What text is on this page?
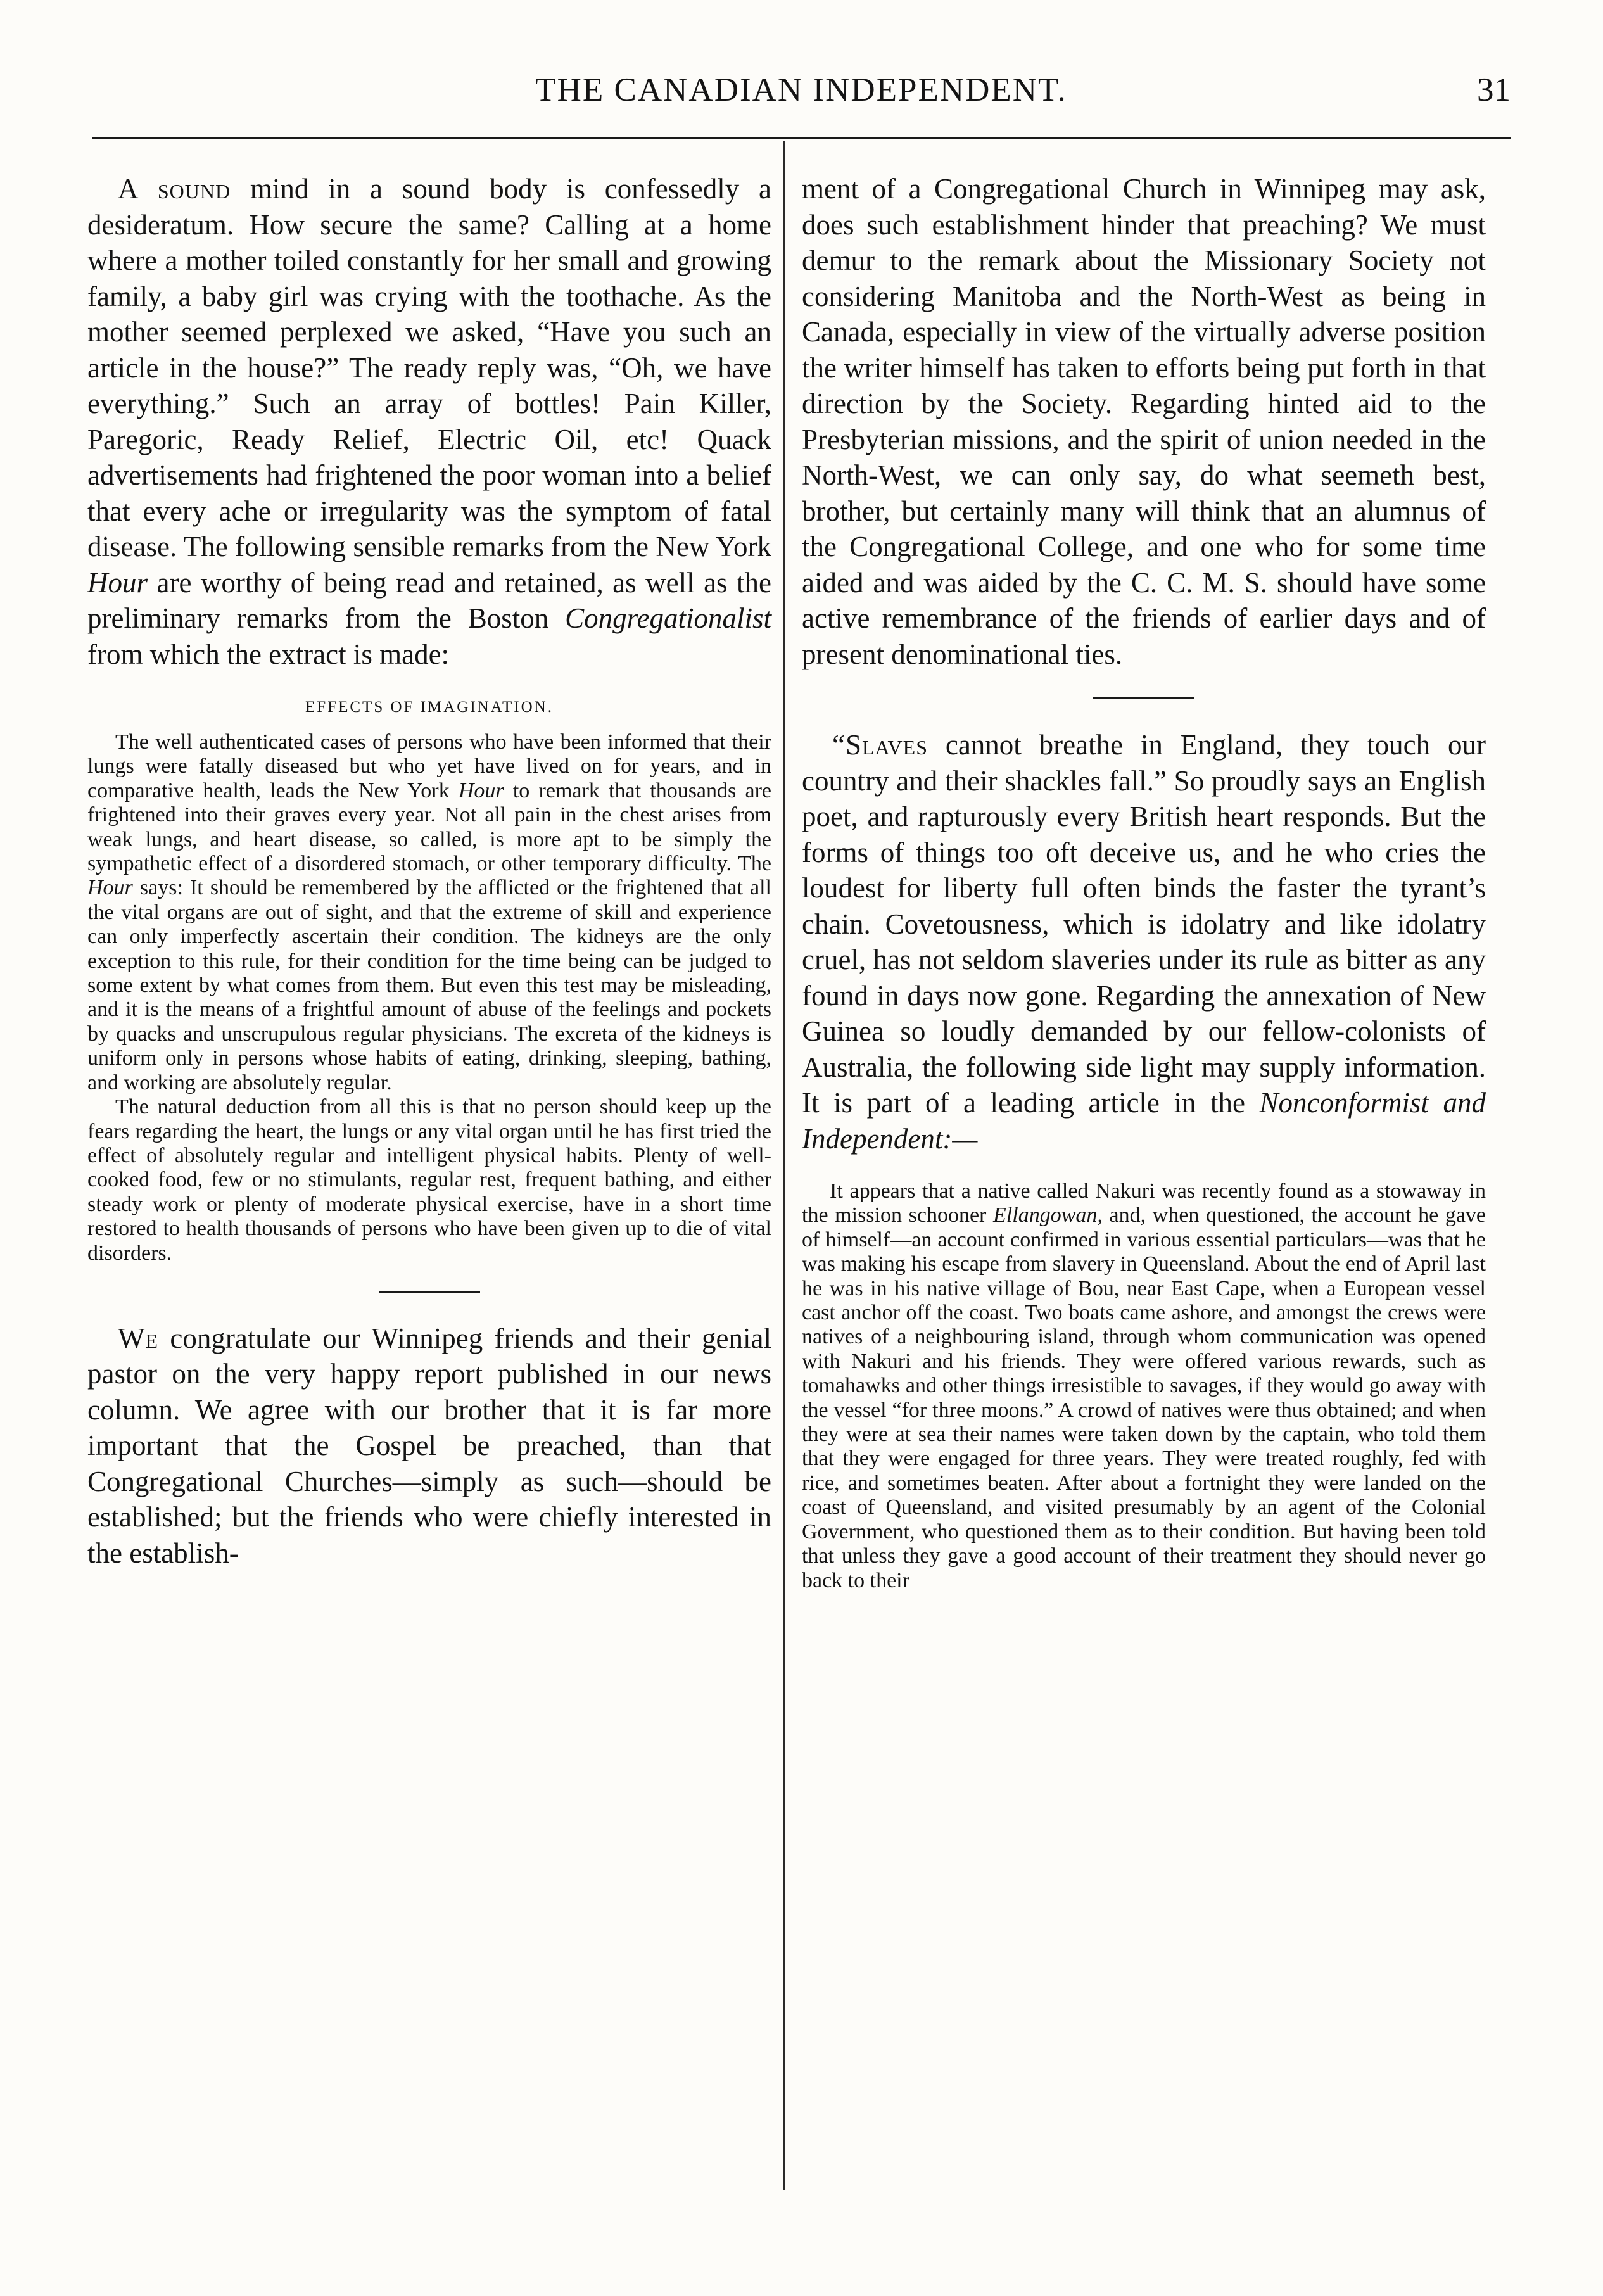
THE CANADIAN INDEPENDENT.	31

A sound mind in a sound body is confessedly a desideratum. How secure the same? Calling at a home where a mother toiled constantly for her small and growing family, a baby girl was crying with the toothache. As the mother seemed perplexed we asked, “Have you such an article in the house?” The ready reply was, “Oh, we have everything.” Such an array of bottles! Pain Killer, Paregoric, Ready Relief, Electric Oil, etc! Quack advertisements had frightened the poor woman into a belief that every ache or irregularity was the symptom of fatal disease. The following sensible remarks from the New York Hour are worthy of being read and retained, as well as the preliminary remarks from the Boston Congregationalist from which the extract is made:

EFFECTS OF IMAGINATION.

The well authenticated cases of persons who have been informed that their lungs were fatally diseased but who yet have lived on for years, and in comparative health, leads the New York Hour to remark that thousands are frightened into their graves every year. Not all pain in the chest arises from weak lungs, and heart disease, so called, is more apt to be simply the sympathetic effect of a disordered stomach, or other temporary difficulty. The Hour says: It should be remembered by the afflicted or the frightened that all the vital organs are out of sight, and that the extreme of skill and experience can only imperfectly ascertain their condition. The kidneys are the only exception to this rule, for their condition for the time being can be judged to some extent by what comes from them. But even this test may be misleading, and it is the means of a frightful amount of abuse of the feelings and pockets by quacks and unscrupulous regular physicians. The excreta of the kidneys is uniform only in persons whose habits of eating, drinking, sleeping, bathing, and working are absolutely regular.

The natural deduction from all this is that no person should keep up the fears regarding the heart, the lungs or any vital organ until he has first tried the effect of absolutely regular and intelligent physical habits. Plenty of well-cooked food, few or no stimulants, regular rest, frequent bathing, and either steady work or plenty of moderate physical exercise, have in a short time restored to health thousands of persons who have been given up to die of vital disorders.

We congratulate our Winnipeg friends and their genial pastor on the very happy report published in our news column. We agree with our brother that it is far more important that the Gospel be preached, than that Congregational Churches—simply as such—should be established; but the friends who were chiefly interested in the establish-

ment of a Congregational Church in Winnipeg may ask, does such establishment hinder that preaching? We must demur to the remark about the Missionary Society not considering Manitoba and the North-West as being in Canada, especially in view of the virtually adverse position the writer himself has taken to efforts being put forth in that direction by the Society. Regarding hinted aid to the Presbyterian missions, and the spirit of union needed in the North-West, we can only say, do what seemeth best, brother, but certainly many will think that an alumnus of the Congregational College, and one who for some time aided and was aided by the C. C. M. S. should have some active remembrance of the friends of earlier days and of present denominational ties.

“Slaves cannot breathe in England, they touch our country and their shackles fall.” So proudly says an English poet, and rapturously every British heart responds. But the forms of things too oft deceive us, and he who cries the loudest for liberty full often binds the faster the tyrant’s chain. Covetousness, which is idolatry and like idolatry cruel, has not seldom slaveries under its rule as bitter as any found in days now gone. Regarding the annexation of New Guinea so loudly demanded by our fellow-colonists of Australia, the following side light may supply information. It is part of a leading article in the Nonconformist and Independent:—

It appears that a native called Nakuri was recently found as a stowaway in the mission schooner Ellangowan, and, when questioned, the account he gave of himself—an account confirmed in various essential particulars—was that he was making his escape from slavery in Queensland. About the end of April last he was in his native village of Bou, near East Cape, when a European vessel cast anchor off the coast. Two boats came ashore, and amongst the crews were natives of a neighbouring island, through whom communication was opened with Nakuri and his friends. They were offered various rewards, such as tomahawks and other things irresistible to savages, if they would go away with the vessel “for three moons.” A crowd of natives were thus obtained; and when they were at sea their names were taken down by the captain, who told them that they were engaged for three years. They were treated roughly, fed with rice, and sometimes beaten. After about a fortnight they were landed on the coast of Queensland, and visited presumably by an agent of the Colonial Government, who questioned them as to their condition. But having been told that unless they gave a good account of their treatment they should never go back to their
